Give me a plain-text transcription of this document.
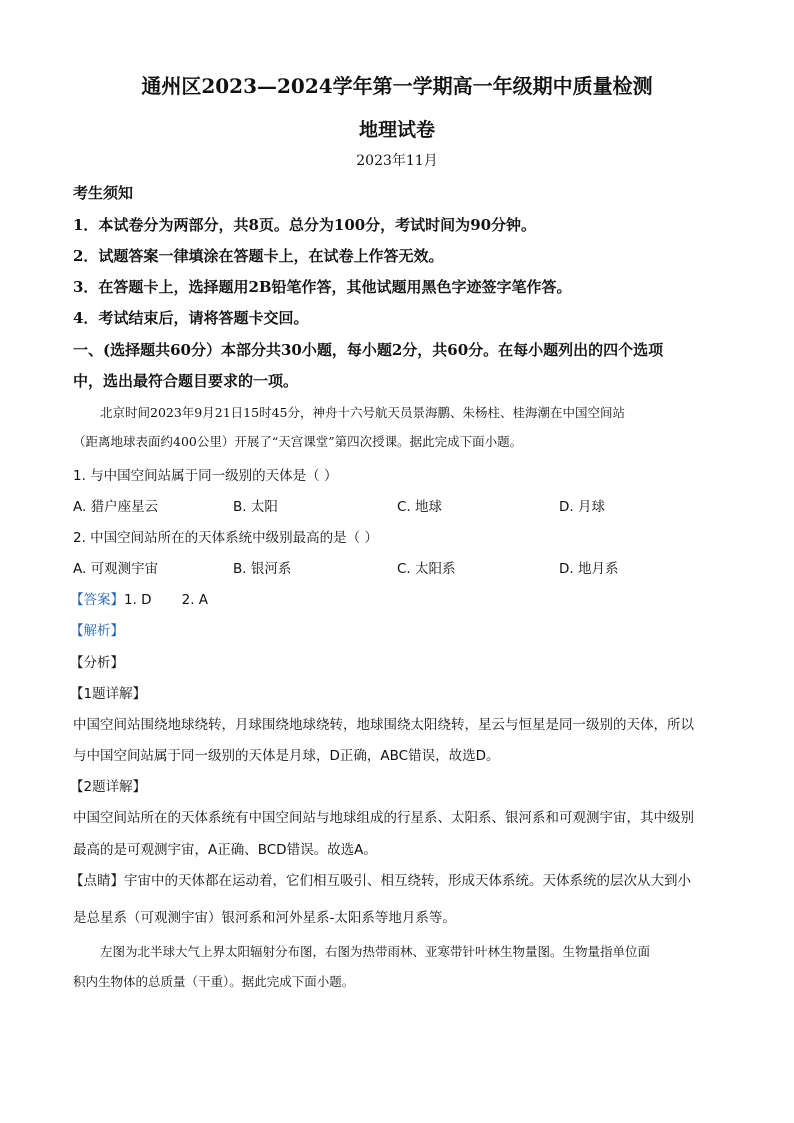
通州区2023—2024学年第一学期高一年级期中质量检测
地理试卷
2023年11月
考生须知
1．本试卷分为两部分，共8页。总分为100分，考试时间为90分钟。
2．试题答案一律填涂在答题卡上，在试卷上作答无效。
3．在答题卡上，选择题用2B铅笔作答，其他试题用黑色字迹签字笔作答。
4．考试结束后，请将答题卡交回。
一、(选择题共60分）本部分共30小题，每小题2分，共60分。在每小题列出的四个选项
中，选出最符合题目要求的一项。
北京时间2023年9月21日15时45分，神舟十六号航天员景海鹏、朱杨柱、桂海潮在中国空间站
（距离地球表面约400公里）开展了“天宫课堂”第四次授课。据此完成下面小题。
1. 与中国空间站属于同一级别的天体是（ ）
A. 猎户座星云	B. 太阳	C. 地球	D. 月球
2. 中国空间站所在的天体系统中级别最高的是（ ）
A. 可观测宇宙	B. 银河系	C. 太阳系	D. 地月系
【答案】1. D       2. A
【解析】
【分析】
【1题详解】
中国空间站围绕地球绕转，月球围绕地球绕转，地球围绕太阳绕转，星云与恒星是同一级别的天体，所以
与中国空间站属于同一级别的天体是月球，D正确，ABC错误，故选D。
【2题详解】
中国空间站所在的天体系统有中国空间站与地球组成的行星系、太阳系、银河系和可观测宇宙，其中级别
最高的是可观测宇宙，A正确、BCD错误。故选A。
【点睛】宇宙中的天体都在运动着，它们相互吸引、相互绕转，形成天体系统。天体系统的层次从大到小
是总星系（可观测宇宙）银河系和河外星系-太阳系等地月系等。
左图为北半球大气上界太阳辐射分布图，右图为热带雨林、亚寒带针叶林生物量图。生物量指单位面
积内生物体的总质量（干重）。据此完成下面小题。
